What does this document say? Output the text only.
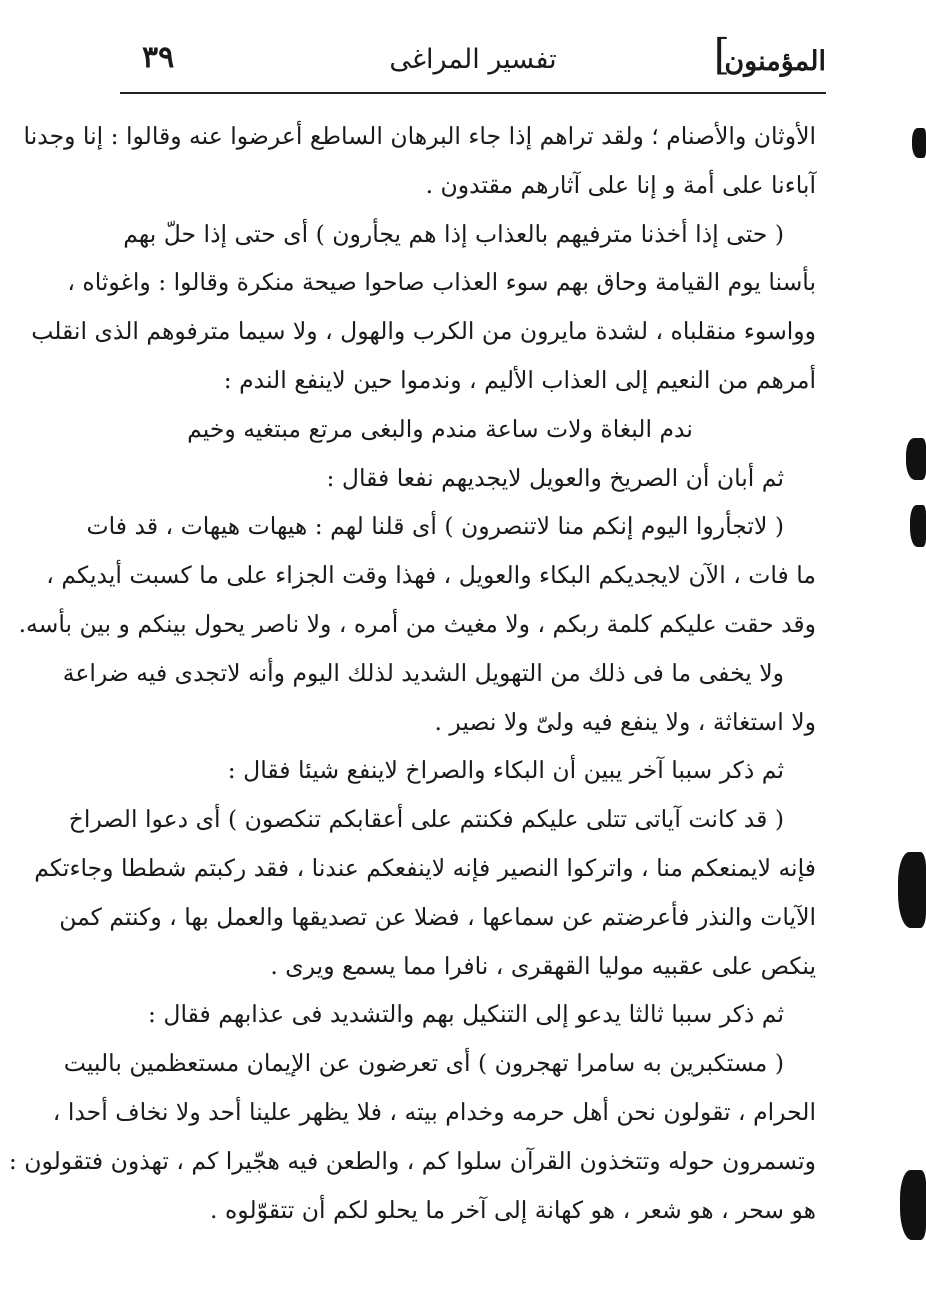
المؤمنون
]
تفسير المراغى
٣٩
الأوثان والأصنام ؛ ولقد تراهم إذا جاء البرهان الساطع أعرضوا عنه وقالوا : إنا وجدنا
آباءنا على أمة و إنا على آثارهم مقتدون .
( حتى إذا أخذنا مترفيهم بالعذاب إذا هم يجأرون ) أى حتى إذا حلّ بهم
بأسنا يوم القيامة وحاق بهم سوء العذاب صاحوا صيحة منكرة وقالوا : واغوثاه ،
وواسوء منقلباه ، لشدة مايرون من الكرب والهول ، ولا سيما مترفوهم الذى انقلب
أمرهم من النعيم إلى العذاب الأليم ، وندموا حين لاينفع الندم :
ندم البغاة ولات ساعة مندم والبغى مرتع مبتغيه وخيم
ثم أبان أن الصريخ والعويل لايجديهم نفعا فقال :
( لاتجأروا اليوم إنكم منا لاتنصرون ) أى قلنا لهم : هيهات هيهات ، قد فات
ما فات ، الآن لايجديكم البكاء والعويل ، فهذا وقت الجزاء على ما كسبت أيديكم ،
وقد حقت عليكم كلمة ربكم ، ولا مغيث من أمره ، ولا ناصر يحول بينكم و بين بأسه.
ولا يخفى ما فى ذلك من التهويل الشديد لذلك اليوم وأنه لاتجدى فيه ضراعة
ولا استغاثة ، ولا ينفع فيه ولىّ ولا نصير .
ثم ذكر سببا آخر يبين أن البكاء والصراخ لاينفع شيئا فقال :
( قد كانت آياتى تتلى عليكم فكنتم على أعقابكم تنكصون ) أى دعوا الصراخ
فإنه لايمنعكم منا ، واتركوا النصير فإنه لاينفعكم عندنا ، فقد ركبتم شططا وجاءتكم
الآيات والنذر فأعرضتم عن سماعها ، فضلا عن تصديقها والعمل بها ، وكنتم كمن
ينكص على عقبيه موليا القهقرى ، نافرا مما يسمع ويرى .
ثم ذكر سببا ثالثا يدعو إلى التنكيل بهم والتشديد فى عذابهم فقال :
( مستكبرين به سامرا تهجرون ) أى تعرضون عن الإيمان مستعظمين بالبيت
الحرام ، تقولون نحن أهل حرمه وخدام بيته ، فلا يظهر علينا أحد ولا نخاف أحدا ،
وتسمرون حوله وتتخذون القرآن سلوا كم ، والطعن فيه هجّيرا كم ، تهذون فتقولون :
هو سحر ، هو شعر ، هو كهانة إلى آخر ما يحلو لكم أن تتقوّلوه .
